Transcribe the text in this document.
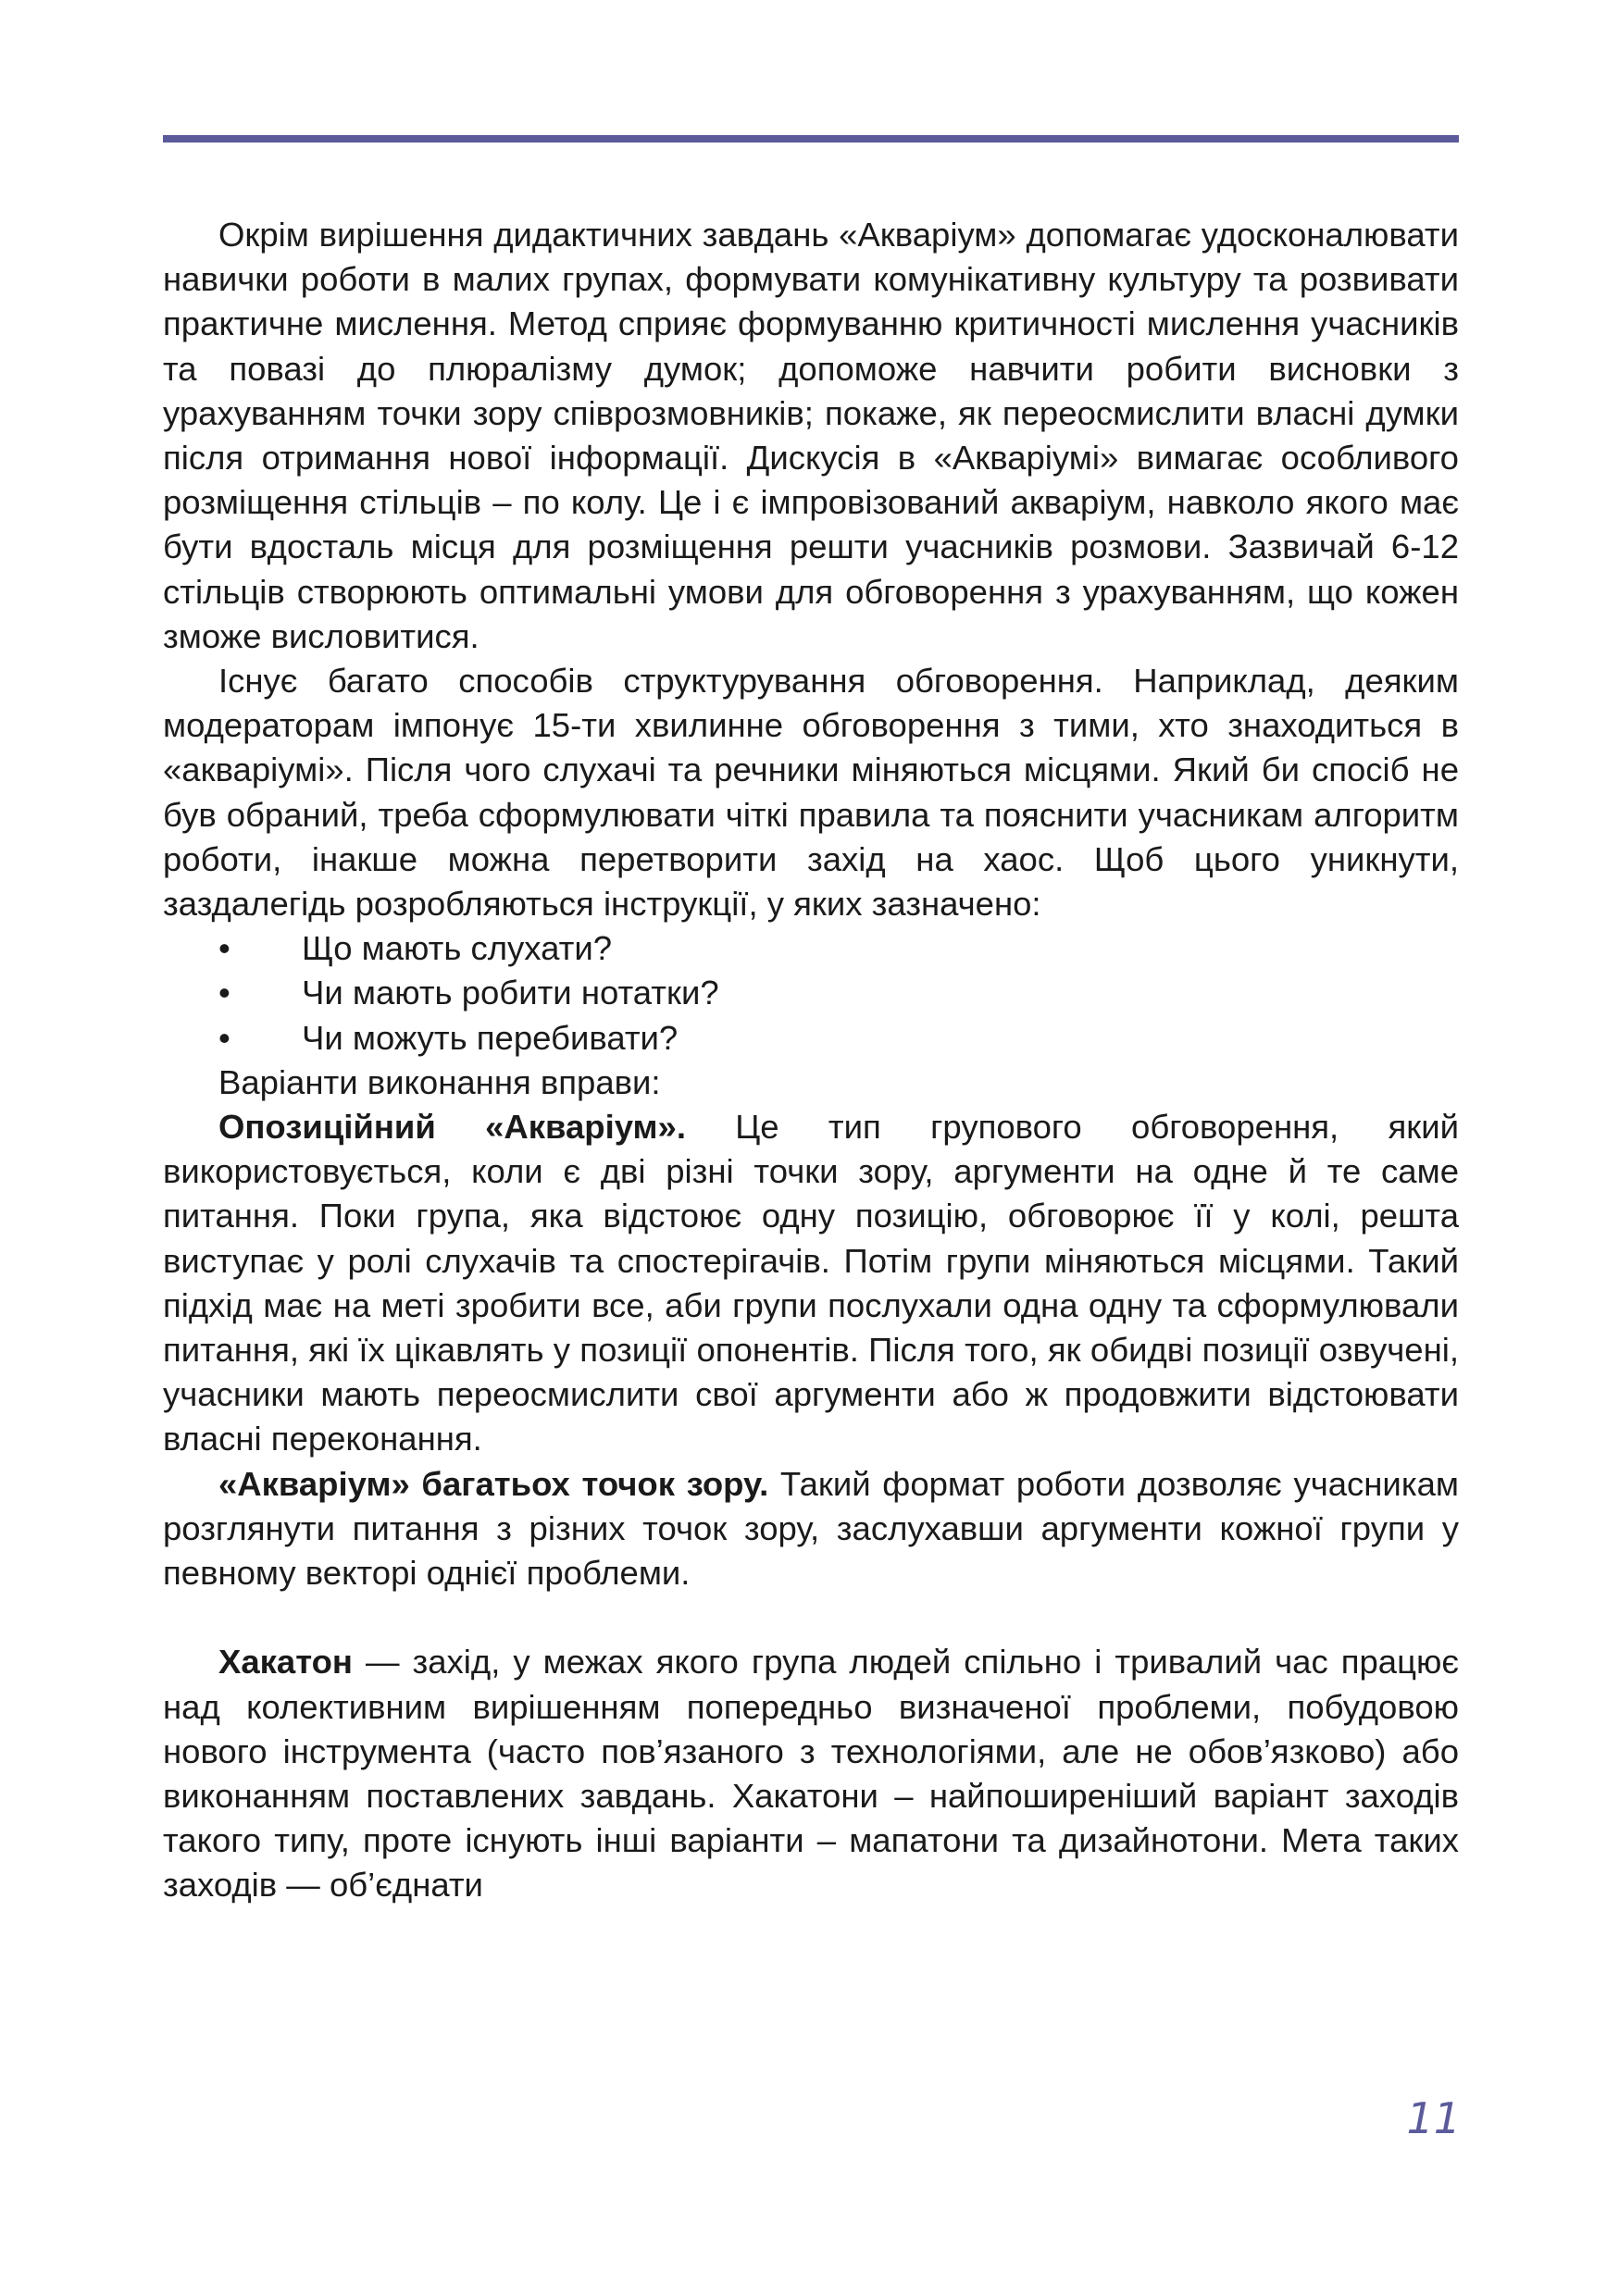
Окрім вирішення дидактичних завдань «Акваріум» допомагає удосконалювати навички роботи в малих групах, формувати комунікативну культуру та розвивати практичне мислення. Метод сприяє формуванню критичності мислення учасників та повазі до плюралізму думок; допоможе навчити робити висновки з урахуванням точки зору співрозмовників; покаже, як переосмислити власні думки після отримання нової інформації. Дискусія в «Акваріумі» вимагає особливого розміщення стільців – по колу. Це і є імпровізований акваріум, навколо якого має бути вдосталь місця для розміщення решти учасників розмови. Зазвичай 6-12 стільців створюють оптимальні умови для обговорення з урахуванням, що кожен зможе висловитися.

Існує багато способів структурування обговорення. Наприклад, деяким модераторам імпонує 15-ти хвилинне обговорення з тими, хто знаходиться в «акваріумі». Після чого слухачі та речники міняються місцями. Який би спосіб не був обраний, треба сформулювати чіткі правила та пояснити учасникам алгоритм роботи, інакше можна перетворити захід на хаос. Щоб цього уникнути, заздалегідь розробляються інструкції, у яких зазначено:

• Що мають слухати?
• Чи мають робити нотатки?
• Чи можуть перебивати?
Варіанти виконання вправи:

Опозиційний «Акваріум». Це тип групового обговорення, який використовується, коли є дві різні точки зору, аргументи на одне й те саме питання. Поки група, яка відстоює одну позицію, обговорює її у колі, решта виступає у ролі слухачів та спостерігачів. Потім групи міняються місцями. Такий підхід має на меті зробити все, аби групи послухали одна одну та сформулювали питання, які їх цікавлять у позиції опонентів. Після того, як обидві позиції озвучені, учасники мають переосмислити свої аргументи або ж продовжити відстоювати власні переконання.

«Акваріум» багатьох точок зору. Такий формат роботи дозволяє учасникам розглянути питання з різних точок зору, заслухавши аргументи кожної групи у певному векторі однієї проблеми.

Хакатон — захід, у межах якого група людей спільно і тривалий час працює над колективним вирішенням попередньо визначеної проблеми, побудовою нового інструмента (часто пов’язаного з технологіями, але не обов’язково) або виконанням поставлених завдань. Хакатони – найпоширеніший варіант заходів такого типу, проте існують інші варіанти – мапатони та дизайнотони. Мета таких заходів — об’єднати

11
